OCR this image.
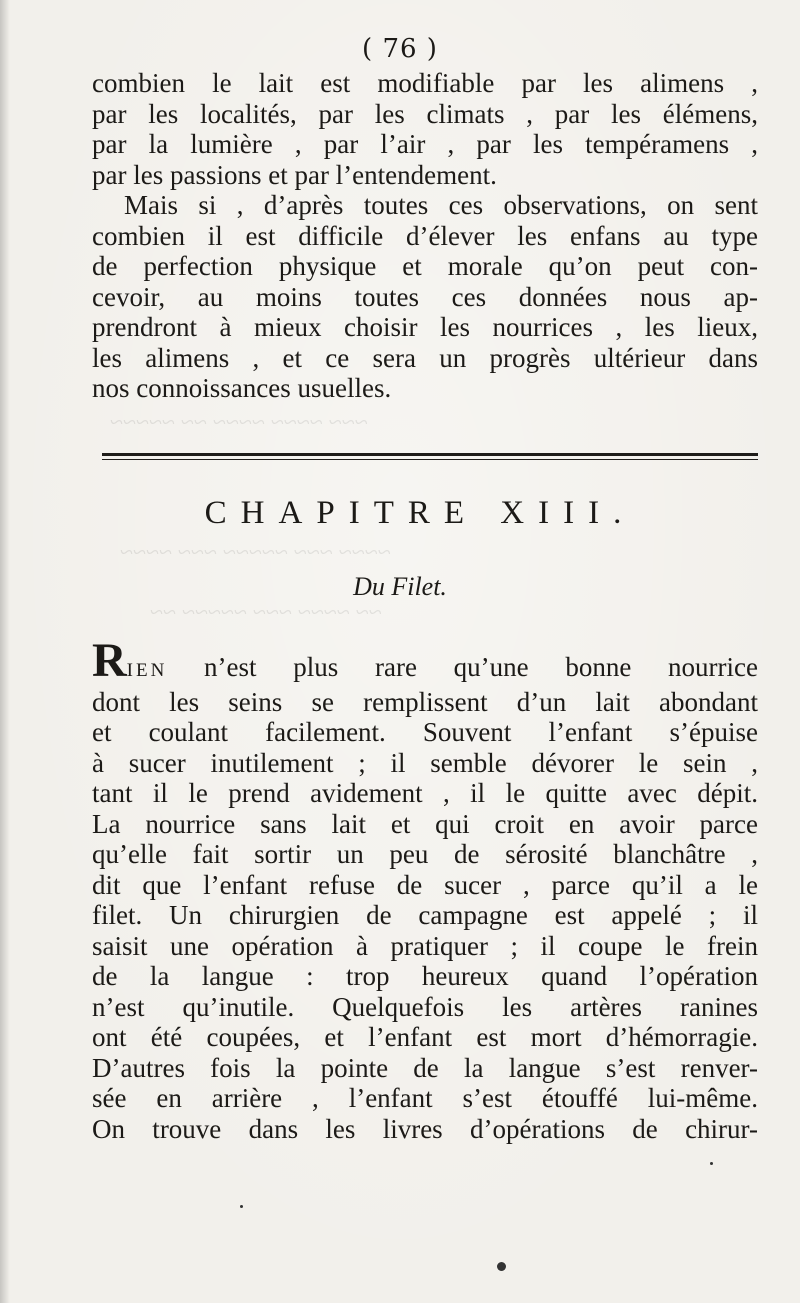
~~~ ~~~~ ~~~~ ~~ ~~~~~
~~~~ ~~~ ~~~~~ ~~~ ~~~~
~~ ~~~~ ~~~ ~~~~~ ~~
( 76 )
combien le lait est modifiable par les alimens ,
par les localités, par les climats , par les élémens,
par la lumière , par l’air , par les tempéramens ,
par les passions et par l’entendement.
Mais si , d’après toutes ces observations, on sent
combien il est difficile d’élever les enfans au type
de perfection physique et morale qu’on peut con-
cevoir, au moins toutes ces données nous ap-
prendront à mieux choisir les nourrices , les lieux,
les alimens , et ce sera un progrès ultérieur dans
nos connoissances usuelles.
CHAPITRE XIII.
Du Filet.
RIEN n’est plus rare qu’une bonne nourrice
dont les seins se remplissent d’un lait abondant
et coulant facilement. Souvent l’enfant s’épuise
à sucer inutilement ; il semble dévorer le sein ,
tant il le prend avidement , il le quitte avec dépit.
La nourrice sans lait et qui croit en avoir parce
qu’elle fait sortir un peu de sérosité blanchâtre ,
dit que l’enfant refuse de sucer , parce qu’il a le
filet. Un chirurgien de campagne est appelé ; il
saisit une opération à pratiquer ; il coupe le frein
de la langue : trop heureux quand l’opération
n’est qu’inutile. Quelquefois les artères ranines
ont été coupées, et l’enfant est mort d’hémorragie.
D’autres fois la pointe de la langue s’est renver-
sée en arrière , l’enfant s’est étouffé lui-même.
On trouve dans les livres d’opérations de chirur-
